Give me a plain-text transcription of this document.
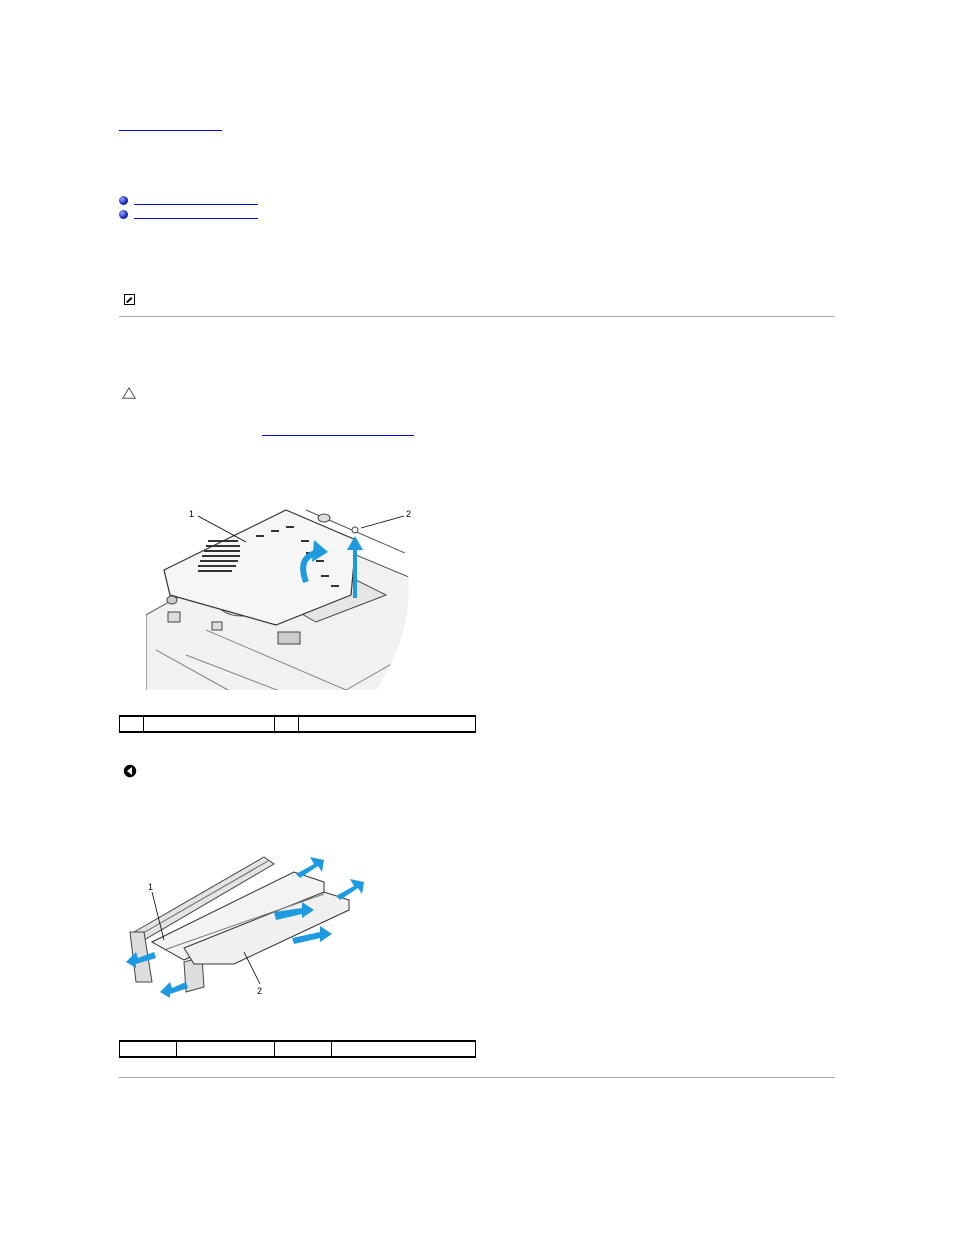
1	2

1
2
